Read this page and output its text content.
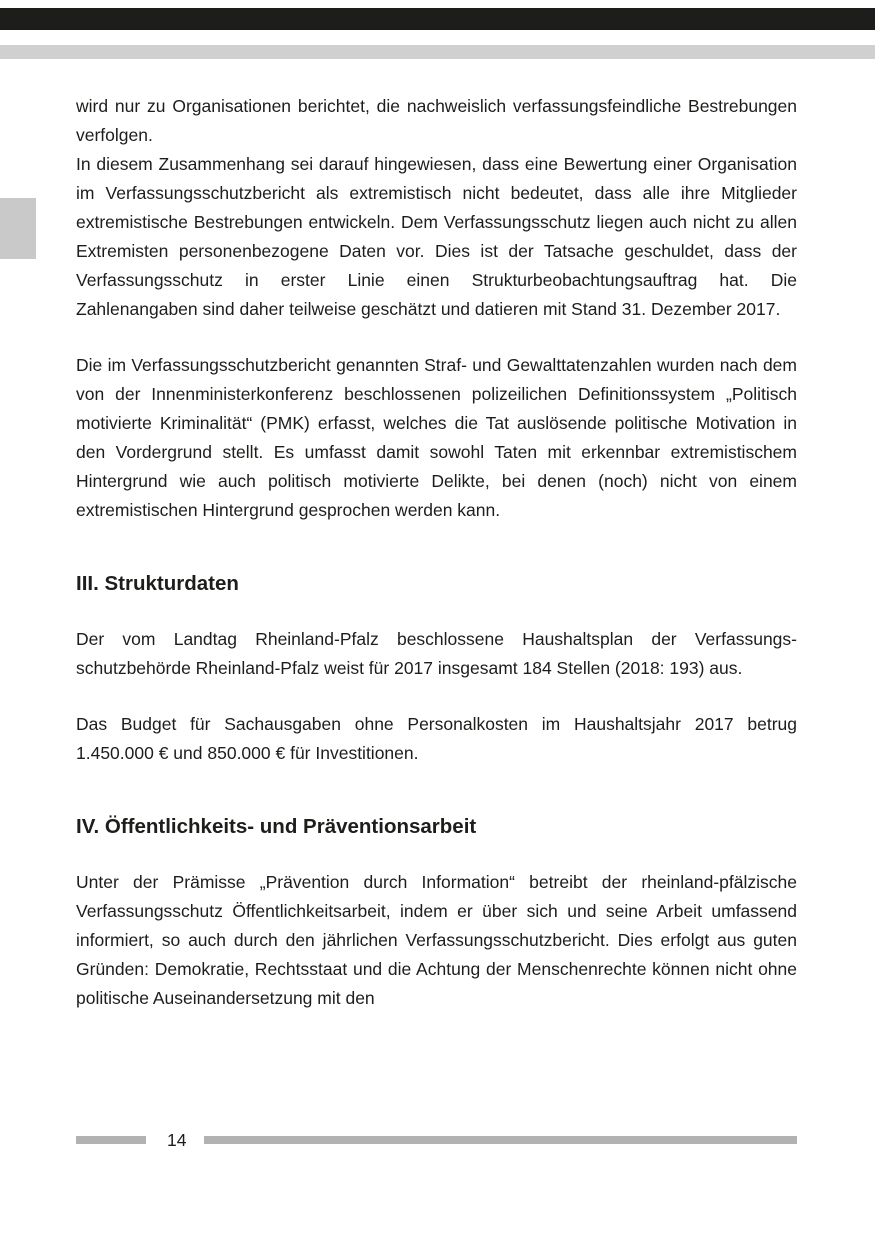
wird nur zu Organisationen berichtet, die nachweislich verfassungsfeindliche Bestrebungen verfolgen.

In diesem Zusammenhang sei darauf hingewiesen, dass eine Bewertung einer Organisation im Verfassungsschutzbericht als extremistisch nicht bedeutet, dass alle ihre Mitglieder extremistische Bestrebungen entwickeln. Dem Verfassungsschutz liegen auch nicht zu allen Extremisten personenbezogene Daten vor. Dies ist der Tatsache geschuldet, dass der Verfassungsschutz in erster Linie einen Strukturbeobachtungsauftrag hat. Die Zahlenangaben sind daher teilweise geschätzt und datieren mit Stand 31. Dezember 2017.

Die im Verfassungsschutzbericht genannten Straf- und Gewalttatenzahlen wurden nach dem von der Innenministerkonferenz beschlossenen polizeilichen Definitionssystem „Politisch motivierte Kriminalität“ (PMK) erfasst, welches die Tat auslösende politische Motivation in den Vordergrund stellt. Es umfasst damit sowohl Taten mit erkennbar extremistischem Hintergrund wie auch politisch motivierte Delikte, bei denen (noch) nicht von einem extremistischen Hintergrund gesprochen werden kann.

III. Strukturdaten

Der vom Landtag Rheinland-Pfalz beschlossene Haushaltsplan der Verfassungsschutzbehörde Rheinland-Pfalz weist für 2017 insgesamt 184 Stellen (2018: 193) aus.

Das Budget für Sachausgaben ohne Personalkosten im Haushaltsjahr 2017 betrug 1.450.000 € und 850.000 € für Investitionen.

IV. Öffentlichkeits- und Präventionsarbeit

Unter der Prämisse „Prävention durch Information“ betreibt der rheinland-pfälzische Verfassungsschutz Öffentlichkeitsarbeit, indem er über sich und seine Arbeit umfassend informiert, so auch durch den jährlichen Verfassungsschutzbericht. Dies erfolgt aus guten Gründen: Demokratie, Rechtsstaat und die Achtung der Menschenrechte können nicht ohne politische Auseinandersetzung mit den

14
